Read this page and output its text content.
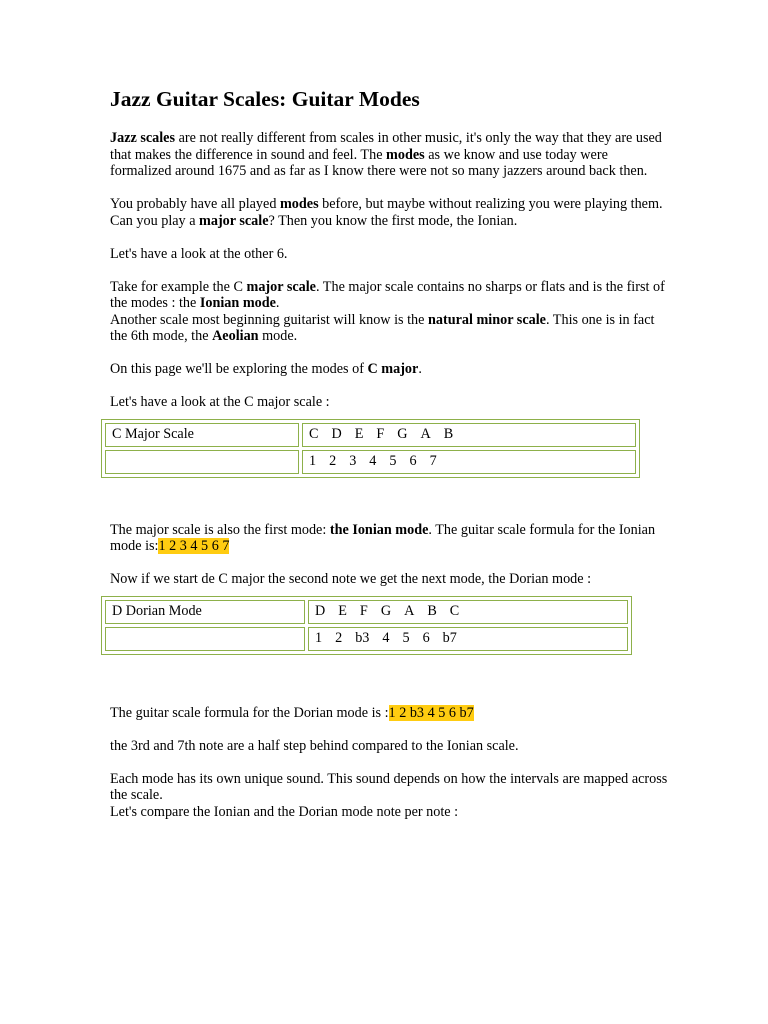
Jazz Guitar Scales: Guitar Modes

Jazz scales are not really different from scales in other music, it's only the way that they are used that makes the difference in sound and feel. The modes as we know and use today were formalized around 1675 and as far as I know there were not so many jazzers around back then.

You probably have all played modes before, but maybe without realizing you were playing them. Can you play a major scale? Then you know the first mode, the Ionian.

Let's have a look at the other 6.

Take for example the C major scale. The major scale contains no sharps or flats and is the first of the modes : the Ionian mode.
Another scale most beginning guitarist will know is the natural minor scale. This one is in fact the 6th mode, the Aeolian mode.

On this page we'll be exploring the modes of C major.

Let's have a look at the C major scale :

C Major Scale	C D E F G A B
	1 2 3 4 5 6 7

The major scale is also the first mode: the Ionian mode. The guitar scale formula for the Ionian mode is:1 2 3 4 5 6 7

Now if we start de C major the second note we get the next mode, the Dorian mode :

D Dorian Mode	D E F G A B C
	1 2 b3 4 5 6 b7

The guitar scale formula for the Dorian mode is :1 2 b3 4 5 6 b7

the 3rd and 7th note are a half step behind compared to the Ionian scale.

Each mode has its own unique sound. This sound depends on how the intervals are mapped across the scale.
Let's compare the Ionian and the Dorian mode note per note :
